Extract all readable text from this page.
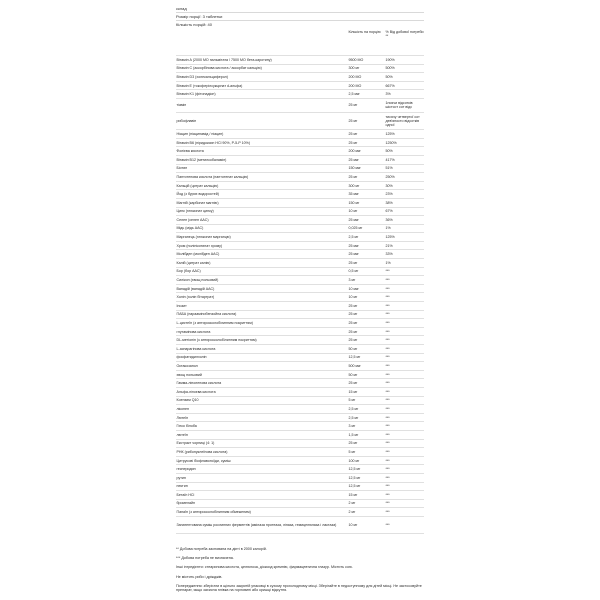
склад
Розмір порції: 3 таблетки
Кількість порцій: 40
	Кількість на порцію	% Від добової потреби **
Вітамін A (2000 МО пальмітата / 7500 МО бета-каротину)	9500 МО	190%
Вітамін C (аскорбінова кислота / аскорбат кальцію)	300 мг	500%
Вітамін D3 (холекальциферол)	200 МО	50%
Вітамін E (токоферілсукцинат d-альфа)	200 МО	667%
Вітамін K1 (фітонадіон)	2,5 мкг	3%
тіамін	25 мг	1нсячи відсотків шістсот сот відс
рибофлавін	25 мг	тисячу четвертої сот дев'яносто відсотків одної
Ніацин (ніацинамід / ніацин)	25 мг	125%
Вітамін B6 (піридоксин HCl 90%, P-5-P 10%)	25 мг	1250%
Фолієва кислота	200 мкг	50%
Вітамін B12 (метилкобаламін)	25 мкг	417%
Біотин	150 мкг	51%
Пантотенова кислота (пантотенат кальцію)	25 мг	250%
Кальцій (цитрат кальцію)	300 мг	30%
Йод (з бурих водоростей)	35 мкг	23%
Магній (карбонат магнію)	150 мг	38%
Цинк (глюконат цинку)	10 мг	67%
Селен (селен AAC)	25 мкг	36%
Мідь (мідь AAC)	0,025 мг	1%
Марганець (глюконат марганцю)	2,5 мг	125%
Хром (полінікотинат хрому)	25 мкг	21%
Молібден (молібден AAC)	25 мкг	33%
Калій (цитрат калію)	25 мг	1%
Бор (бор AAC)	0,5 мг	***
Силікон (хвощ польовий)	3 мг	***
Ванадій (ванадій AAC)	10 мкг	***
Холін (холін бітартрат)	10 мг	***
Інозит	25 мг	***
ПАБА (параамінобензойна кислота)	25 мг	***
L-цистеїн (з антиросколобілинним покриттям)	25 мг	***
глутамінова кислота	25 мг	***
DL-метіонін (з антиросколобілинним покриттям)	25 мг	***
L-аспарагінова кислота	50 мг	***
фосфатидилхолін	12,5 мг	***
Октакозанол	500 мкг	***
хвощ польовий	50 мг	***
Гамма-ліноленова кислота	25 мг	***
Альфа-ліпоєва кислота	15 мг	***
Коензим Q10	5 мг	***
лікопен	2,5 мг	***
Лютеїн	2,5 мг	***
Гінко білоба	3 мг	***
лютеїн	1,5 мг	***
Екстракт чорниці (4: 1)	25 мг	***
РНК (рибонуклеїнова кислота)	5 мг	***
Цитрусові біофлавоноїди, суміш	100 мг	***
гесперидин	12,5 мг	***
рутин	12,5 мг	***
пектин	12,5 мг	***
Бетаїн HCl	15 мг	***
бромелайн	2 мг	***
Папаїн (з антиросколобілинним обмеженим)	2 мг	***
Запатентована суміш рослинних ферментів (амілаза протеаза, ліпаза, гемицелюлаза і лактаза)	10 мг	***
** Добова потреба заснована на дієті в 2000 калорій.
*** Добова потреба не визначена.
Інші інгредієнти: стеаринова кислота, целюлоза, діоксид кремнію, фармацевтична глазур. Містить сою.
Не містить риби і дріжджів.
Попередження: зберігати в щільно закритій упаковці в сухому прохолодному місці. Зберігайте в недоступному для дітей місці. Не застосовуйте препарат, якщо захисна плівка на горловині або кришці відсутня.
